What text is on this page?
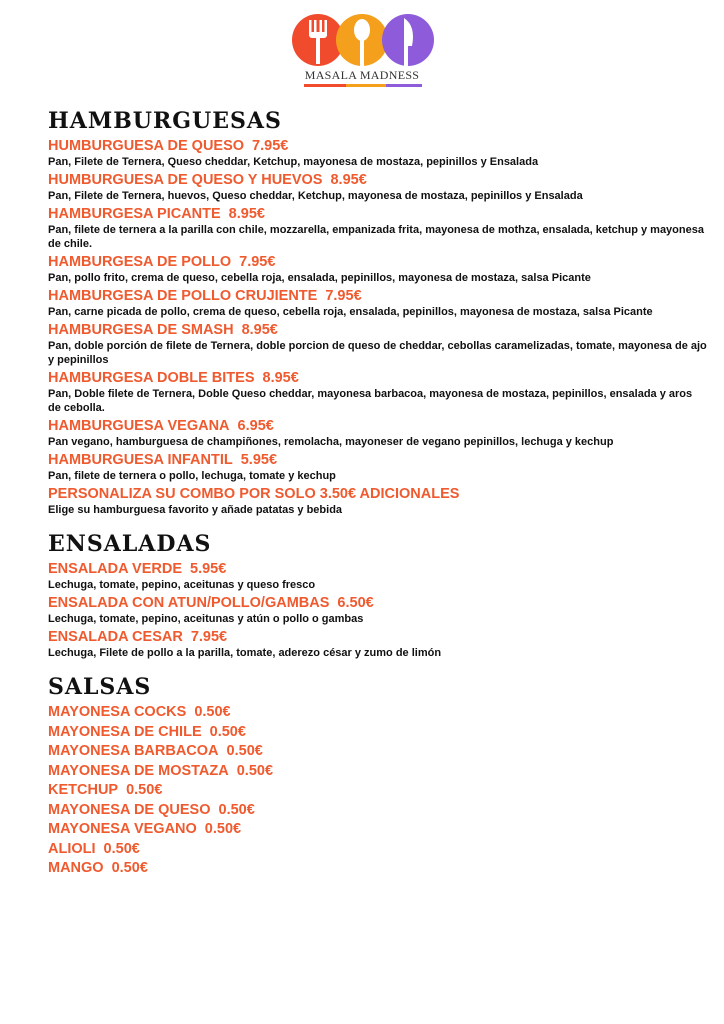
MASALA MADNESS
HAMBURGUESAS
HUMBURGUESA DE QUESO 7.95€
Pan, Filete de Ternera, Queso cheddar, Ketchup, mayonesa de mostaza, pepinillos y Ensalada
HUMBURGUESA DE QUESO Y HUEVOS 8.95€
Pan, Filete de Ternera, huevos, Queso cheddar, Ketchup, mayonesa de mostaza, pepinillos y Ensalada
HAMBURGESA PICANTE 8.95€
Pan, filete de ternera a la parilla con chile, mozzarella, empanizada frita, mayonesa de mothza, ensalada, ketchup y mayonesa de chile.
HAMBURGESA DE POLLO 7.95€
Pan, pollo frito, crema de queso, cebella roja, ensalada, pepinillos, mayonesa de mostaza, salsa Picante
HAMBURGESA DE POLLO CRUJIENTE 7.95€
Pan, carne picada de pollo, crema de queso, cebella roja, ensalada, pepinillos, mayonesa de mostaza, salsa Picante
HAMBURGESA DE SMASH 8.95€
Pan, doble porción de filete de Ternera, doble porcion de queso de cheddar, cebollas caramelizadas, tomate, mayonesa de ajo y pepinillos
HAMBURGESA DOBLE BITES 8.95€
Pan, Doble filete de Ternera, Doble Queso cheddar, mayonesa barbacoa, mayonesa de mostaza, pepinillos, ensalada y aros de cebolla.
HAMBURGUESA VEGANA 6.95€
Pan vegano, hamburguesa de champiñones, remolacha, mayoneser de vegano pepinillos, lechuga y kechup
HAMBURGUESA INFANTIL 5.95€
Pan, filete de ternera o pollo, lechuga, tomate y kechup
PERSONALIZA SU COMBO POR SOLO 3.50€ ADICIONALES
Elige su hamburguesa favorito y añade patatas y bebida
ENSALADAS
ENSALADA VERDE 5.95€
Lechuga, tomate, pepino, aceitunas y queso fresco
ENSALADA CON ATUN/POLLO/GAMBAS 6.50€
Lechuga, tomate, pepino, aceitunas y atún o pollo o gambas
ENSALADA CESAR 7.95€
Lechuga, Filete de pollo a la parilla, tomate, aderezo césar y zumo de limón
SALSAS
MAYONESA COCKS 0.50€
MAYONESA DE CHILE 0.50€
MAYONESA BARBACOA 0.50€
MAYONESA DE MOSTAZA 0.50€
KETCHUP 0.50€
MAYONESA DE QUESO 0.50€
MAYONESA VEGANO 0.50€
ALIOLI 0.50€
MANGO 0.50€
